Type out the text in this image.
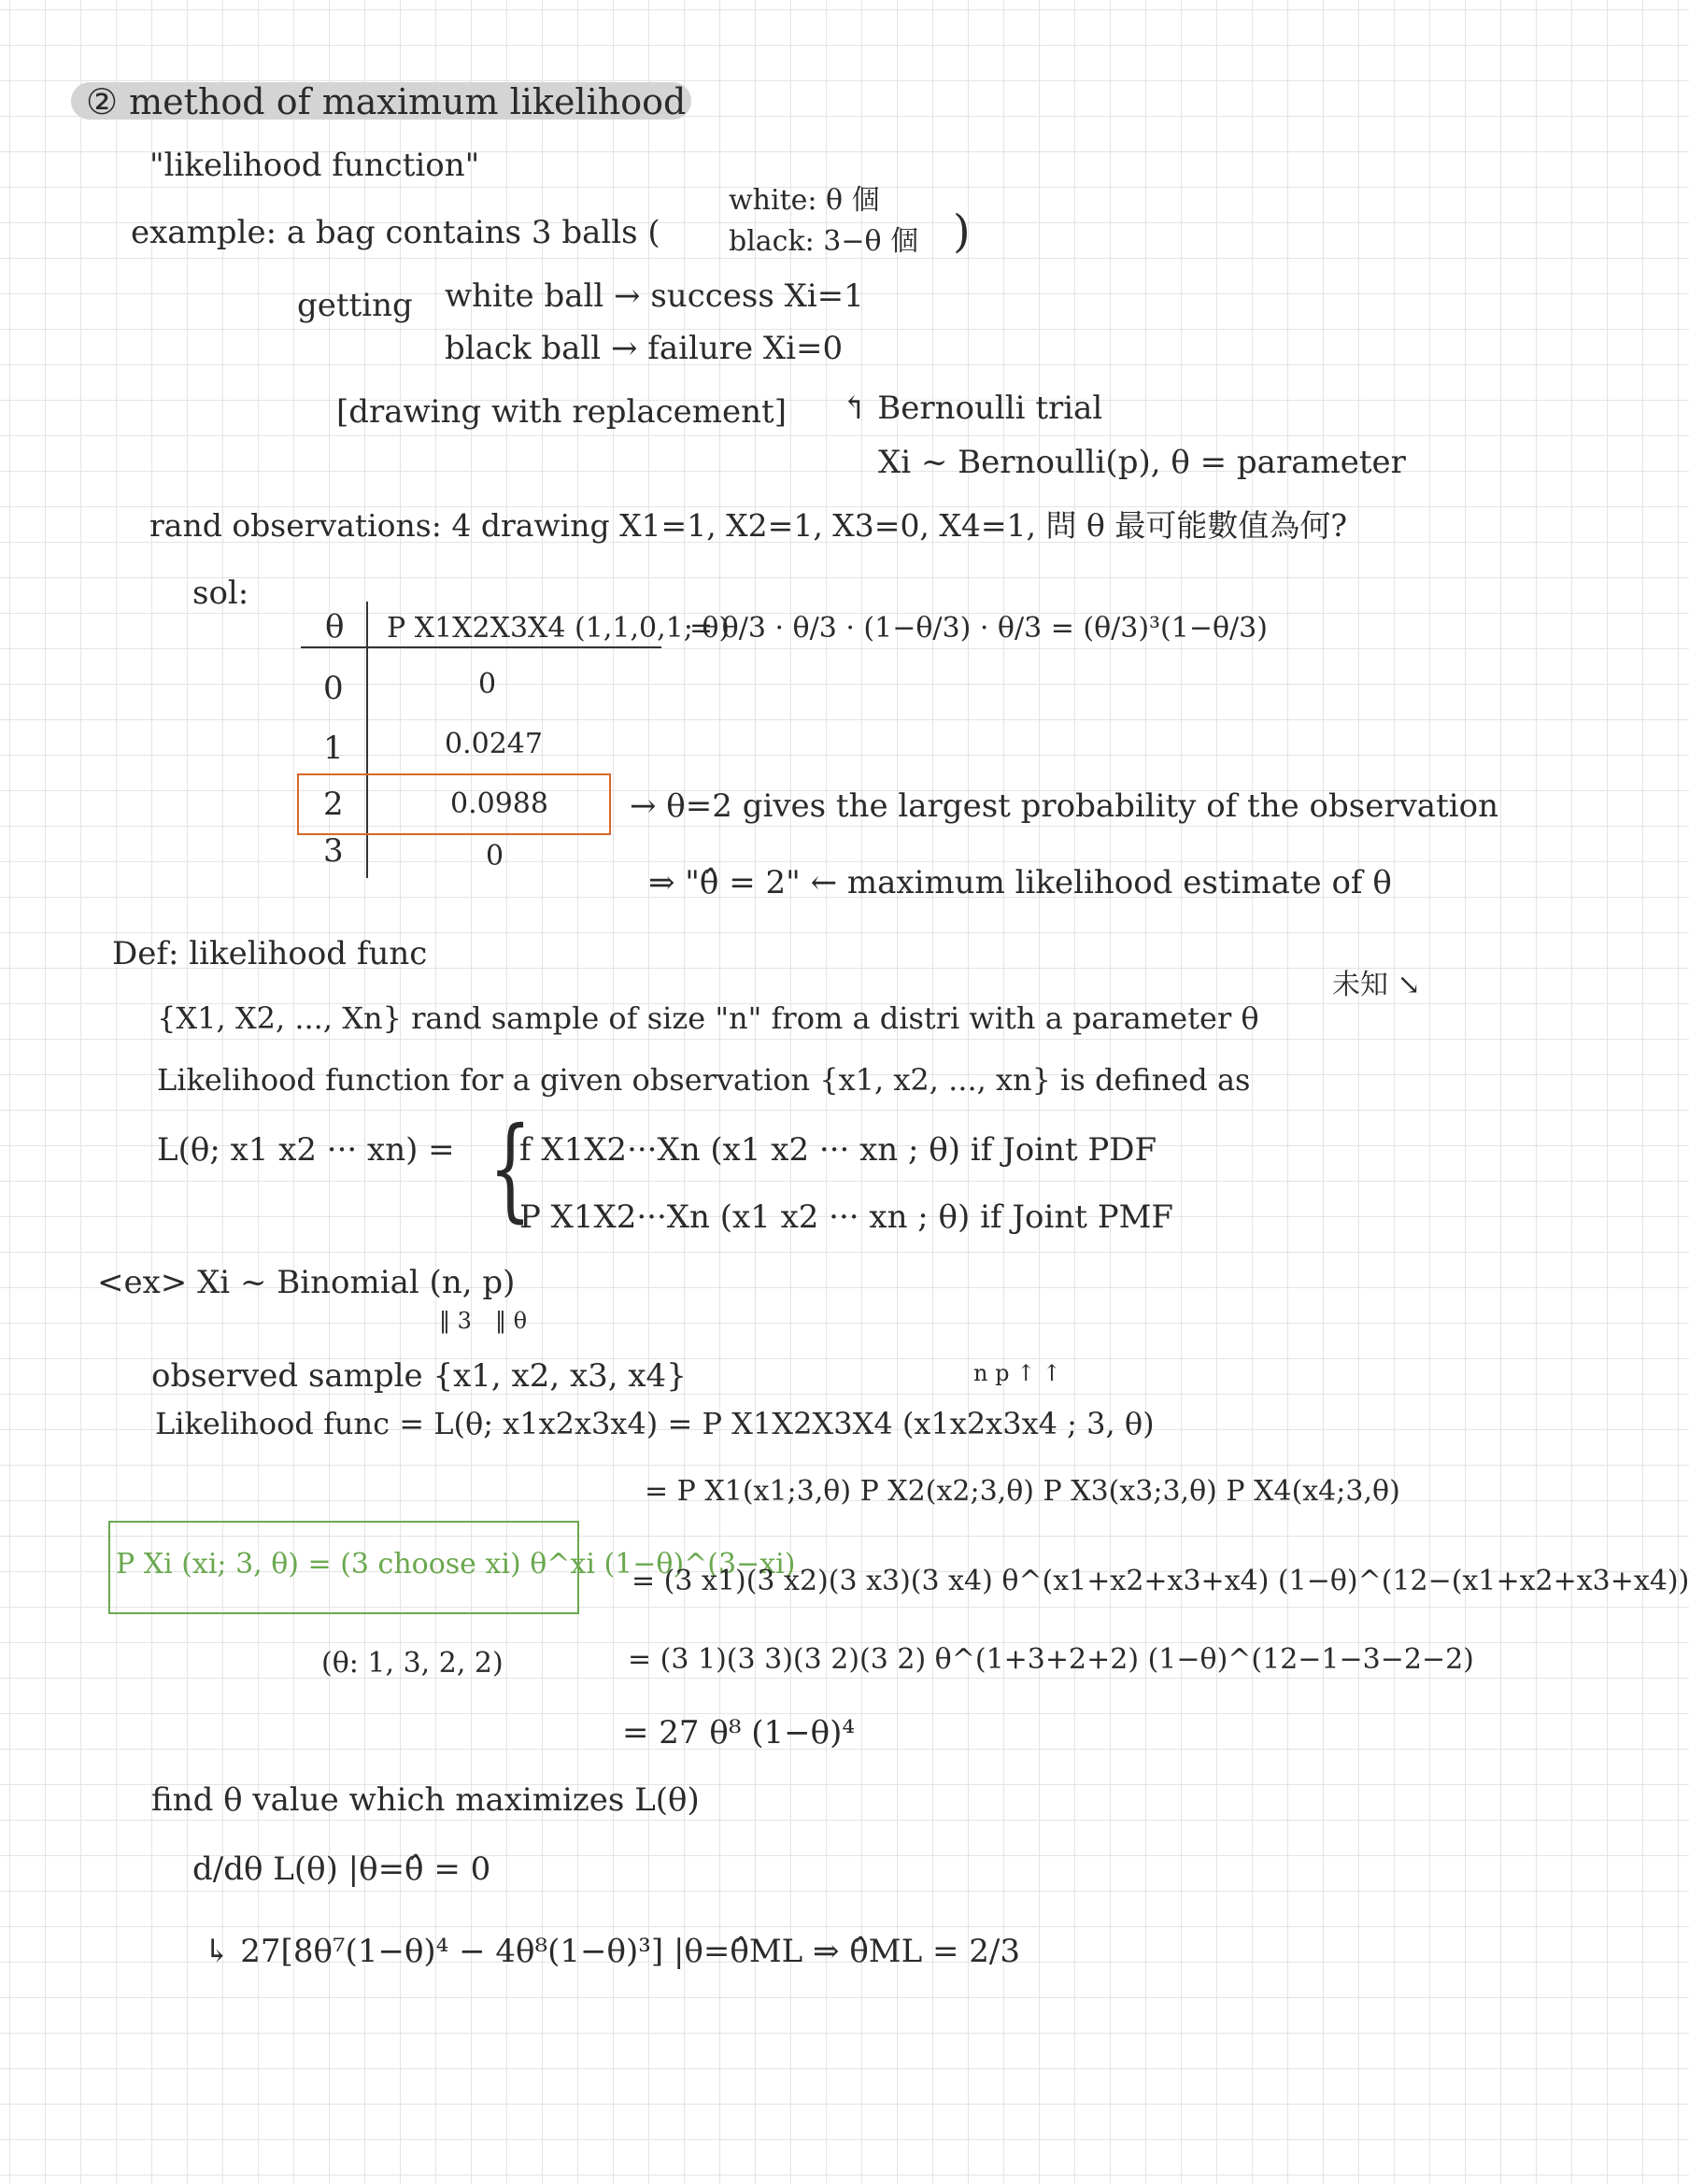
② method of maximum likelihood
"likelihood function"
example: a bag contains 3 balls (
white: θ 個
black: 3−θ 個 )
getting white ball → success Xi=1
black ball → failure Xi=0
[drawing with replacement] ↰ Bernoulli trial
Xi ~ Bernoulli(p), θ = parameter
rand observations: 4 drawing X1=1, X2=1, X3=0, X4=1, 問 θ 最可能數值為何?
sol:
θ P X1X2X3X4 (1,1,0,1; θ)
= θ/3 · θ/3 · (1−θ/3) · θ/3 = (θ/3)³(1−θ/3)
0	0
1	0.0247
2	0.0988
3	0
→ θ=2 gives the largest probability of the observation
⇒ "θ̂ = 2" ← maximum likelihood estimate of θ
Def: likelihood func
未知 ↘
{X1, X2, ..., Xn} rand sample of size "n" from a distri with a parameter θ
Likelihood function for a given observation {x1, x2, ..., xn} is defined as
L(θ; x1 x2 ··· xn) = {
f X1X2···Xn (x1 x2 ··· xn ; θ) if Joint PDF
P X1X2···Xn (x1 x2 ··· xn ; θ) if Joint PMF
<ex> Xi ~ Binomial (n, p)
‖ 3 ‖ θ
observed sample {x1, x2, x3, x4}	n p ↑ ↑
Likelihood func = L(θ; x1x2x3x4) = P X1X2X3X4 (x1x2x3x4 ; 3, θ)
= P X1(x1;3,θ) P X2(x2;3,θ) P X3(x3;3,θ) P X4(x4;3,θ)
P Xi (xi; 3, θ) = (3 choose xi) θ^xi (1−θ)^(3−xi)
= (3 x1)(3 x2)(3 x3)(3 x4) θ^(x1+x2+x3+x4) (1−θ)^(12−(x1+x2+x3+x4))
(θ: 1, 3, 2, 2)	= (3 1)(3 3)(3 2)(3 2) θ^(1+3+2+2) (1−θ)^(12−1−3−2−2)
= 27 θ⁸ (1−θ)⁴
find θ value which maximizes L(θ)
d/dθ L(θ) |θ=θ̂ = 0
↳ 27[8θ⁷(1−θ)⁴ − 4θ⁸(1−θ)³] |θ=θ̂ML ⇒ θ̂ML = 2/3
